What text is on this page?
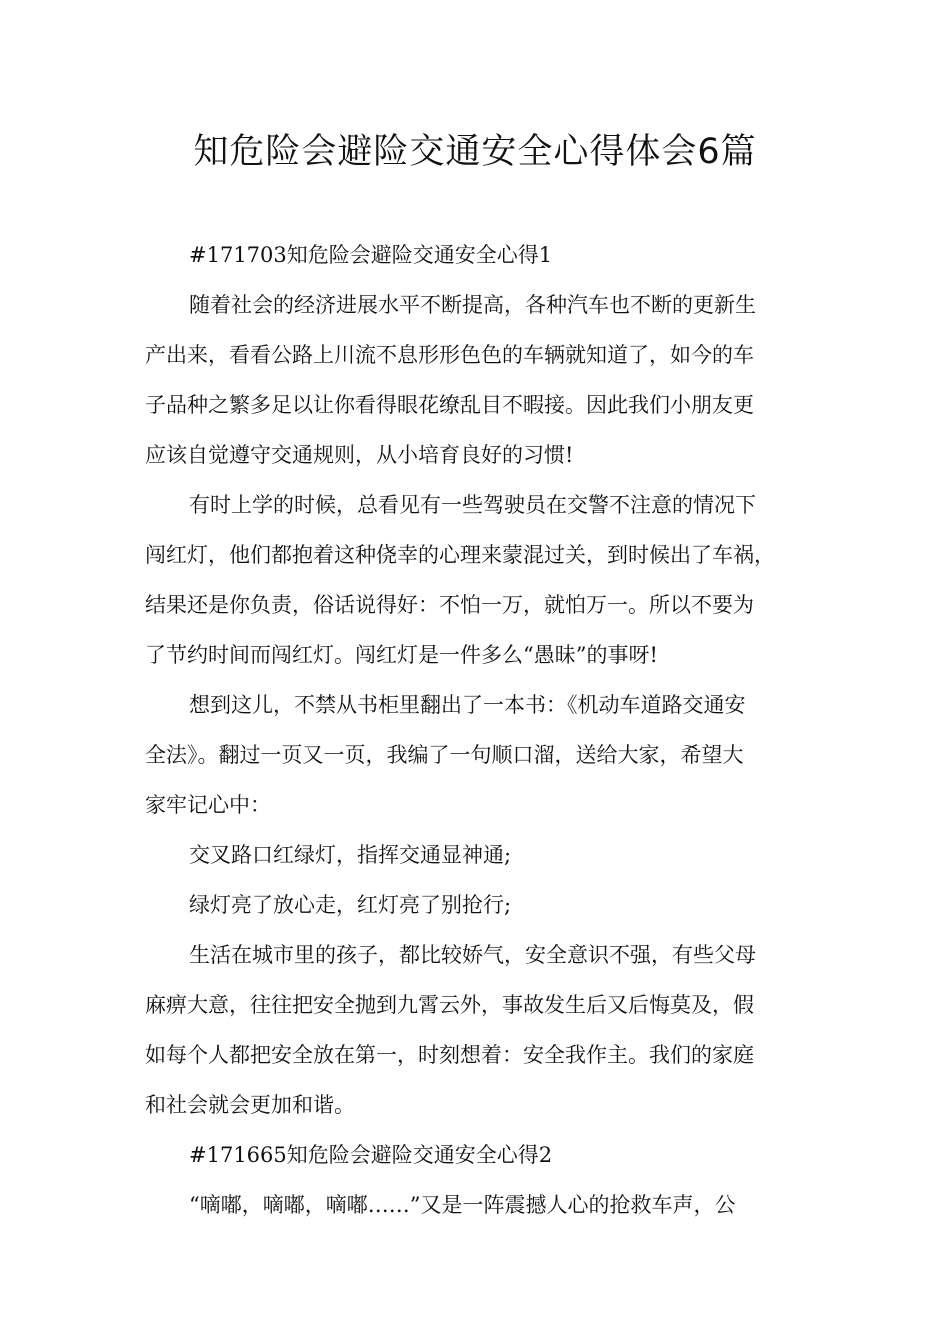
知危险会避险交通安全心得体会6篇
#171703知危险会避险交通安全心得1
随着社会的经济进展水平不断提高，各种汽车也不断的更新生
产出来，看看公路上川流不息形形色色的车辆就知道了，如今的车
子品种之繁多足以让你看得眼花缭乱目不暇接。因此我们小朋友更
应该自觉遵守交通规则，从小培育良好的习惯!
有时上学的时候，总看见有一些驾驶员在交警不注意的情况下
闯红灯，他们都抱着这种侥幸的心理来蒙混过关，到时候出了车祸，
结果还是你负责，俗话说得好：不怕一万，就怕万一。所以不要为
了节约时间而闯红灯。闯红灯是一件多么“愚昧”的事呀!
想到这儿，不禁从书柜里翻出了一本书：《机动车道路交通安
全法》。翻过一页又一页，我编了一句顺口溜，送给大家，希望大
家牢记心中：
交叉路口红绿灯，指挥交通显神通;
绿灯亮了放心走，红灯亮了别抢行;
生活在城市里的孩子，都比较娇气，安全意识不强，有些父母
麻痹大意，往往把安全抛到九霄云外，事故发生后又后悔莫及，假
如每个人都把安全放在第一，时刻想着：安全我作主。我们的家庭
和社会就会更加和谐。
#171665知危险会避险交通安全心得2
“嘀嘟，嘀嘟，嘀嘟……”又是一阵震撼人心的抢救车声，公
